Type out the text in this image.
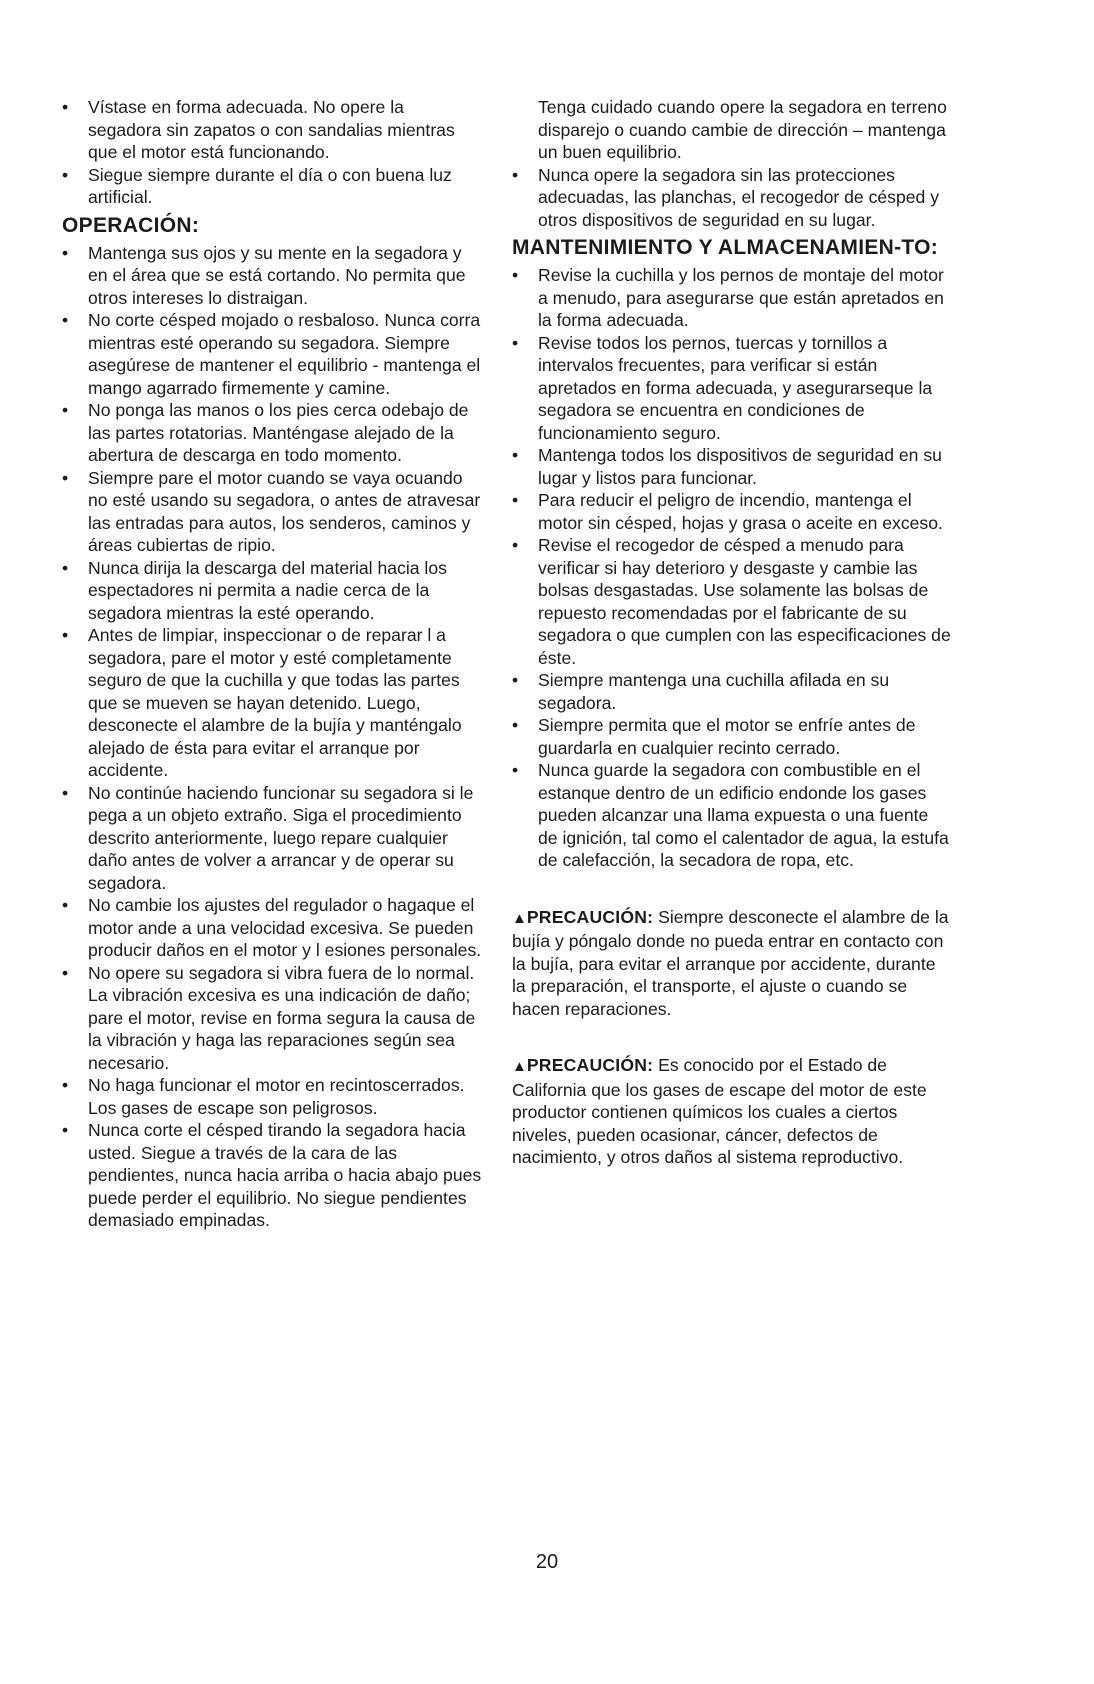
•	Vístase en forma adecuada. No opere la segadora sin zapatos o con sandalias mientras que el motor está funcionando.
•	Siegue siempre durante el día o con buena luz artificial.
OPERACIÓN:
•	Mantenga sus ojos y su mente en la segadora y en el área que se está cortando. No permita que otros intereses lo distraigan.
•	No corte césped mojado o resbaloso. Nunca corra mientras esté operando su segadora. Siempre asegúrese de mantener el equilibrio - mantenga el mango agarrado firmemente y camine.
•	No ponga las manos o los pies cerca odebajo de las partes rotatorias. Manténgase alejado de la abertura de descarga en todo momento.
•	Siempre pare el motor cuando se vaya ocuando no esté usando su segadora, o antes de atravesar las entradas para autos, los senderos, caminos y áreas cubiertas de ripio.
•	Nunca dirija la descarga del material hacia los espectadores ni permita a nadie cerca de la segadora mientras la esté operando.
•	Antes de limpiar, inspeccionar o de reparar l a segadora, pare el motor y esté completamente seguro de que la cuchilla y que todas las partes que se mueven se hayan detenido. Luego, desconecte el alambre de la bujía y manténgalo alejado de ésta para evitar el arranque por accidente.
•	No continúe haciendo funcionar su segadora si le pega a un objeto extraño. Siga el procedimiento descrito anteriormente, luego repare cualquier daño antes de volver a arrancar y de operar su segadora.
•	No cambie los ajustes del regulador o hagaque el motor ande a una velocidad excesiva. Se pueden producir daños en el motor y l esiones personales.
•	No opere su segadora si vibra fuera de lo normal. La vibración excesiva es una indicación de daño; pare el motor, revise en forma segura la causa de la vibración y haga las reparaciones según sea necesario.
•	No haga funcionar el motor en recintoscerrados. Los gases de escape son peligrosos.
•	Nunca corte el césped tirando la segadora hacia usted. Siegue a través de la cara de las pendientes, nunca hacia arriba o hacia abajo pues puede perder el equilibrio. No siegue pendientes demasiado empinadas.

Tenga cuidado cuando opere la segadora en terreno disparejo o cuando cambie de dirección – mantenga un buen equilibrio.

•	Nunca opere la segadora sin las protecciones adecuadas, las planchas, el recogedor de césped y otros dispositivos de seguridad en su lugar.
MANTENIMIENTO Y ALMACENAMIEN-TO:
•	Revise la cuchilla y los pernos de montaje del motor a menudo, para asegurarse que están apretados en la forma adecuada.
•	Revise todos los pernos, tuercas y tornillos a intervalos frecuentes, para verificar si están apretados en forma adecuada, y asegurarseque la segadora se encuentra en condiciones de funcionamiento seguro.
•	Mantenga todos los dispositivos de seguridad en su lugar y listos para funcionar.
•	Para reducir el peligro de incendio, mantenga el motor sin césped, hojas y grasa o aceite en exceso.
•	Revise el recogedor de césped a menudo para verificar si hay deterioro y desgaste y cambie las bolsas desgastadas. Use solamente las bolsas de repuesto recomendadas por el fabricante de su segadora o que cumplen con las especificaciones de éste.
•	Siempre mantenga una cuchilla afilada en su segadora.
•	Siempre permita que el motor se enfríe antes de guardarla en cualquier recinto cerrado.
•	Nunca guarde la segadora con combustible en el estanque dentro de un edificio endonde los gases pueden alcanzar una llama expuesta o una fuente de ignición, tal como el calentador de agua, la estufa de calefacción, la secadora de ropa, etc.

▲PRECAUCIÓN: Siempre desconecte el alambre de la bujía y póngalo donde no pueda entrar en contacto con la bujía, para evitar el arranque por accidente, durante la preparación, el transporte, el ajuste o cuando se hacen reparaciones.

▲PRECAUCIÓN: Es conocido por el Estado de California que los gases de escape del motor de este productor contienen químicos los cuales a ciertos niveles, pueden ocasionar, cáncer, defectos de nacimiento, y otros daños al sistema reproductivo.

20
